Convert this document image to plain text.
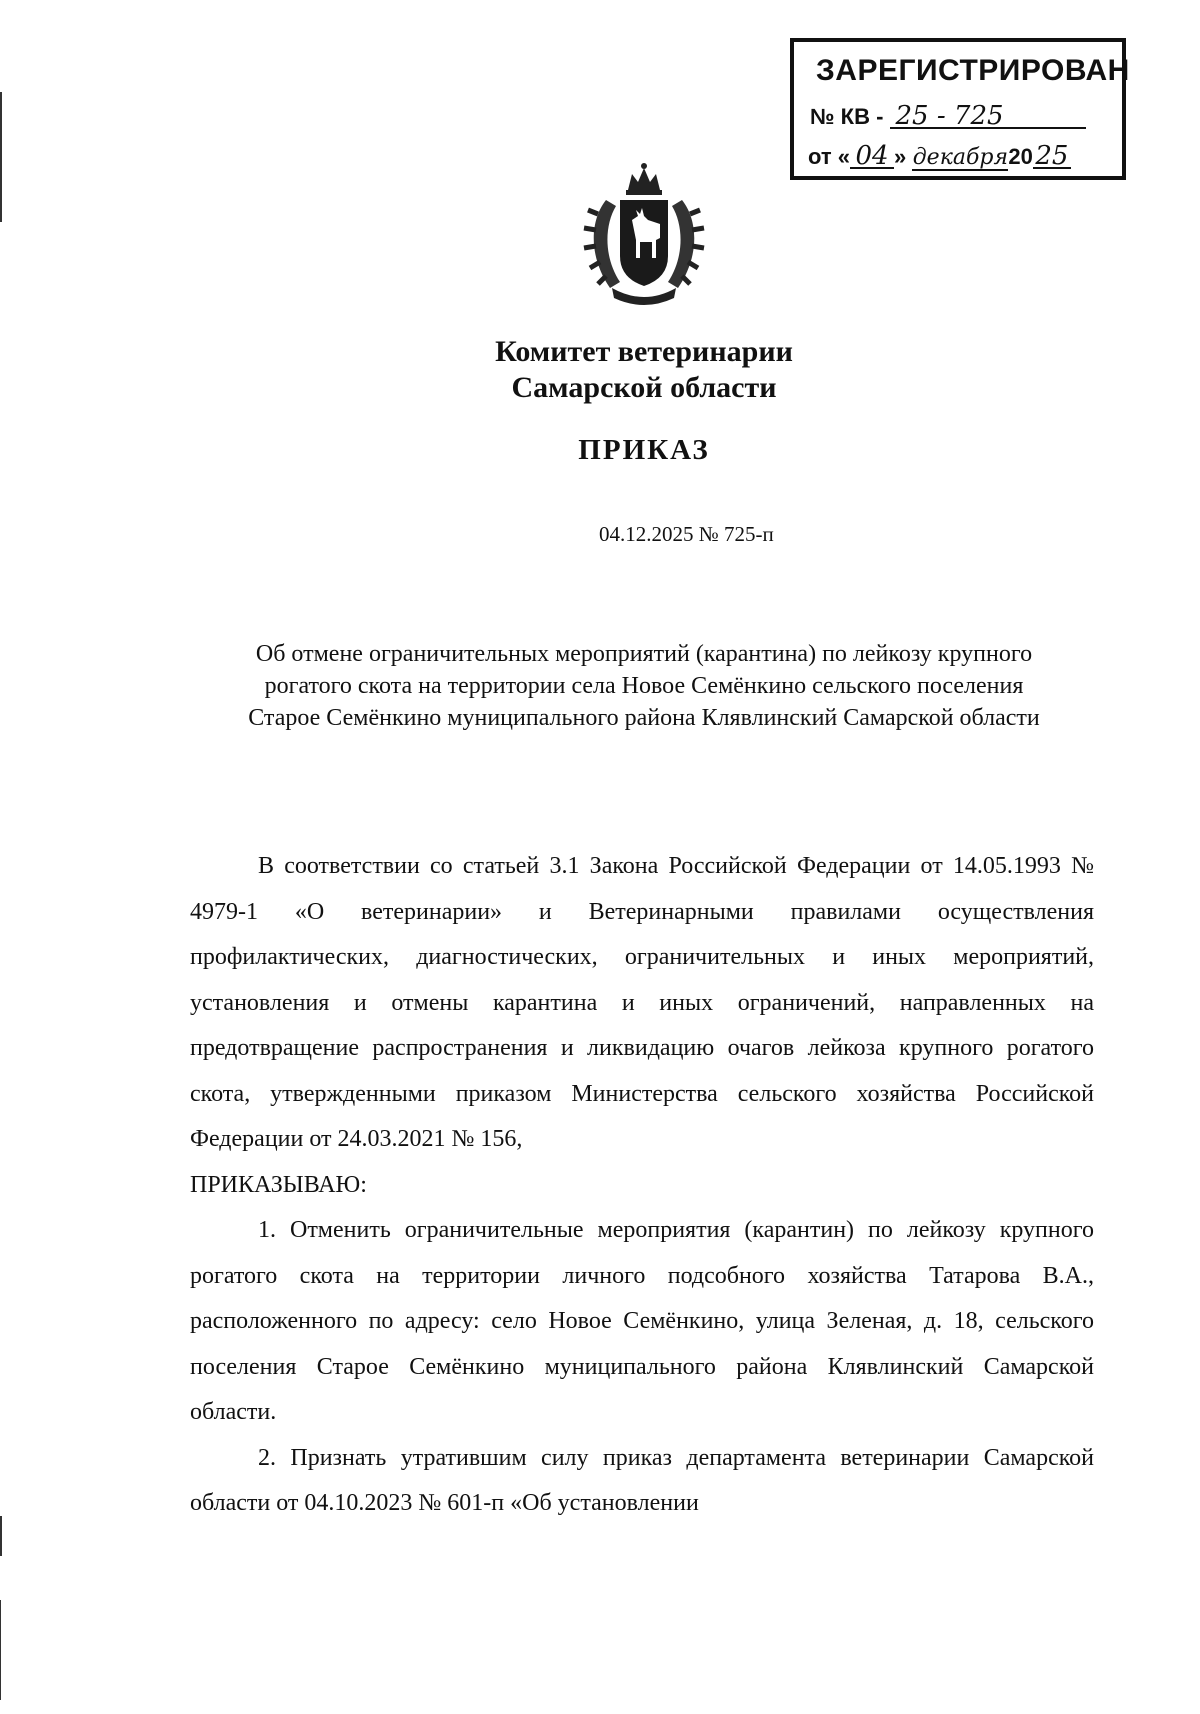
ЗАРЕГИСТРИРОВАН
№ КВ - 25 - 725
от « 04 » декабря2025
Комитет ветеринарии
Самарской области
ПРИКАЗ
04.12.2025 № 725-п
Об отмене ограничительных мероприятий (карантина) по лейкозу крупного
рогатого скота на территории села Новое Семёнкино сельского поселения
Старое Семёнкино муниципального района Клявлинский Самарской области

В соответствии со статьей 3.1 Закона Российской Федерации от 14.05.1993 № 4979-1 «О ветеринарии» и Ветеринарными правилами осуществления профилактических, диагностических, ограничительных и иных мероприятий, установления и отмены карантина и иных ограничений, направленных на предотвращение распространения и ликвидацию очагов лейкоза крупного рогатого скота, утвержденными приказом Министерства сельского хозяйства Российской Федерации от 24.03.2021 № 156,

ПРИКАЗЫВАЮ:

1. Отменить ограничительные мероприятия (карантин) по лейкозу крупного рогатого скота на территории личного подсобного хозяйства Татарова В.А., расположенного по адресу: село Новое Семёнкино, улица Зеленая, д. 18, сельского поселения Старое Семёнкино муниципального района Клявлинский Самарской области.

2. Признать утратившим силу приказ департамента ветеринарии Самарской области от 04.10.2023 № 601-п «Об установлении
